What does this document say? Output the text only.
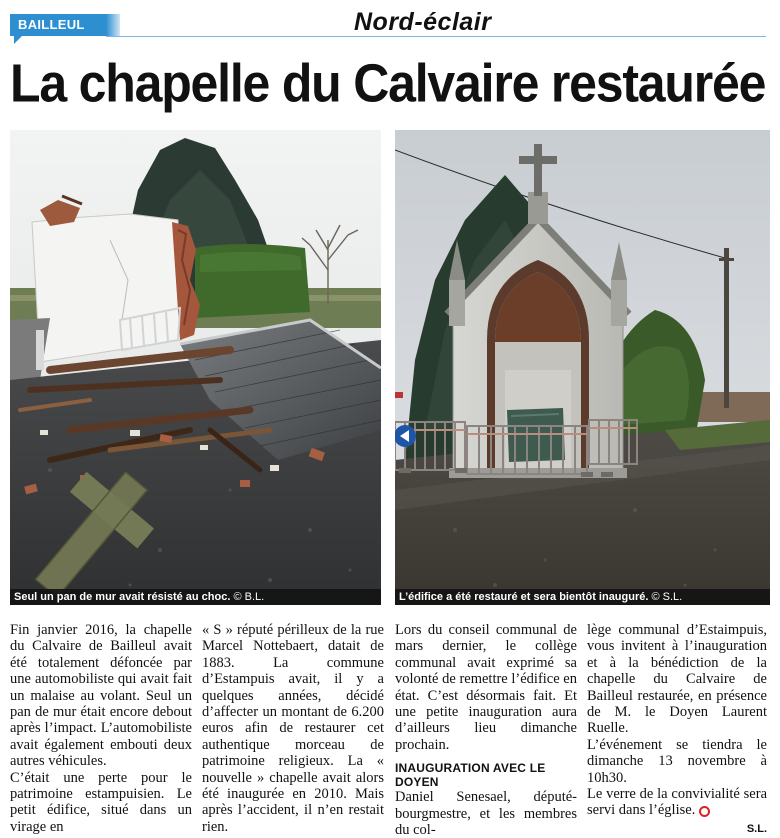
BAILLEUL	Nord-éclair
La chapelle du Calvaire restaurée
Seul un pan de mur avait résisté au choc. © B.L.	L’édifice a été restauré et sera bientôt inauguré. © S.L.

Fin janvier 2016, la chapelle du Calvaire de Bailleul avait été totalement défoncée par une automobiliste qui avait fait un malaise au volant. Seul un pan de mur était encore debout après l’impact. L’automobiliste avait également embouti deux autres véhicules.

C’était une perte pour le patrimoine estampuisien. Le petit édifice, situé dans un virage en

« S » réputé périlleux de la rue Marcel Nottebaert, datait de 1883. La commune d’Estampuis avait, il y a quelques années, décidé d’affecter un montant de 6.200 euros afin de restaurer cet authentique morceau de patrimoine religieux. La « nouvelle » chapelle avait alors été inaugurée en 2010. Mais après l’accident, il n’en restait rien.

Lors du conseil communal de mars dernier, le collège communal avait exprimé sa volonté de remettre l’édifice en état. C’est désormais fait. Et une petite inauguration aura d’ailleurs lieu dimanche prochain.

INAUGURATION AVEC LE DOYEN

Daniel Senesael, député-bourgmestre, et les membres du col-

lège communal d’Estaimpuis, vous invitent à l’inauguration et à la bénédiction de la chapelle du Calvaire de Bailleul restaurée, en présence de M. le Doyen Laurent Ruelle.

L’événement se tiendra le dimanche 13 novembre à 10h30.

Le verre de la convivialité sera servi dans l’église.

S.L.
